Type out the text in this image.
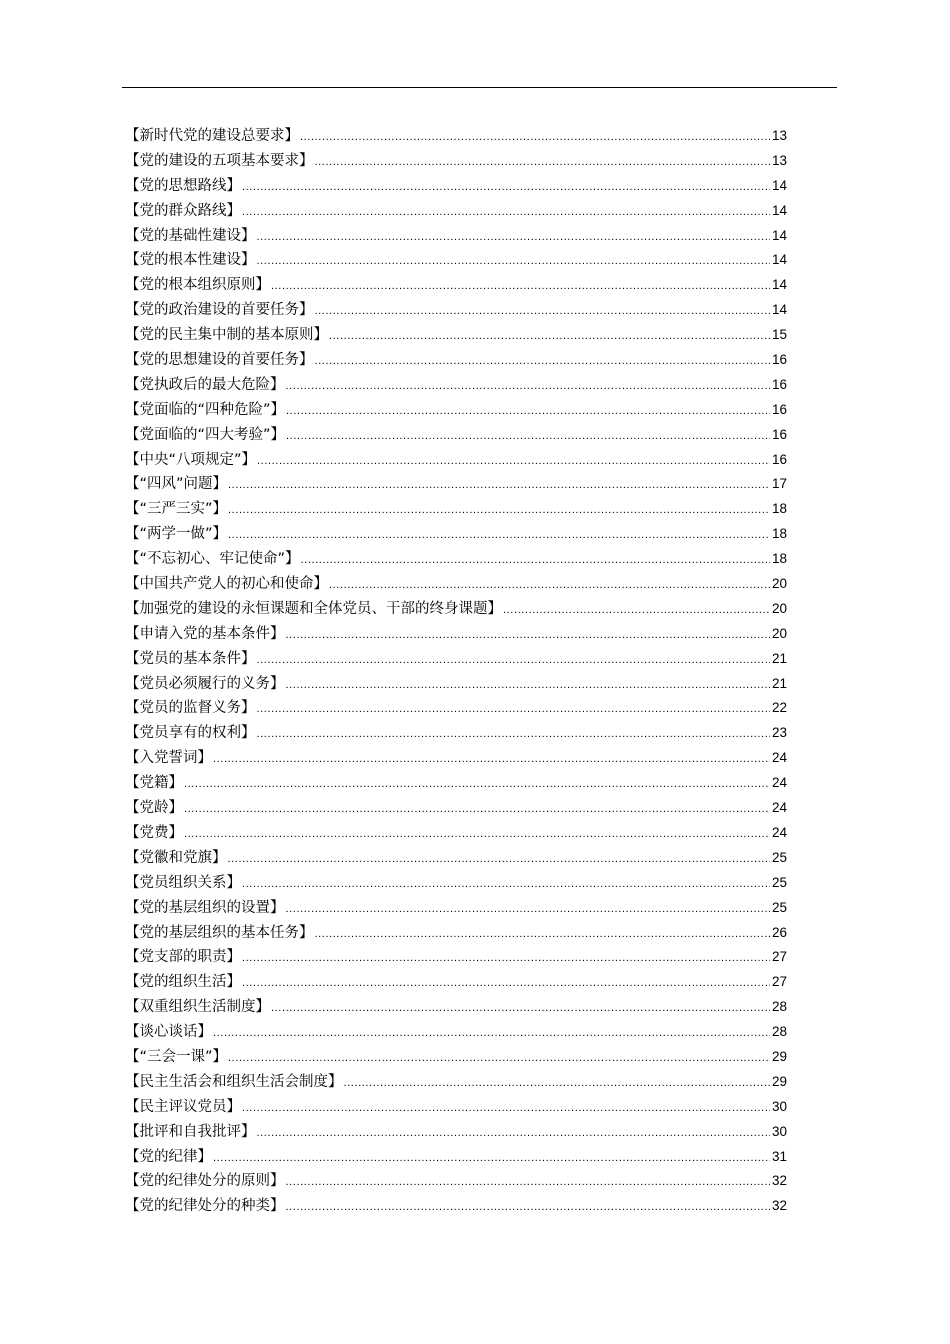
【新时代党的建设总要求】 .....	13
【党的建设的五项基本要求】 .....	13
【党的思想路线】 .....	14
【党的群众路线】 .....	14
【党的基础性建设】 .....	14
【党的根本性建设】 .....	14
【党的根本组织原则】 .....	14
【党的政治建设的首要任务】 .....	14
【党的民主集中制的基本原则】 .....	15
【党的思想建设的首要任务】 .....	16
【党执政后的最大危险】 .....	16
【党面临的“四种危险”】 .....	16
【党面临的“四大考验”】 .....	16
【中央“八项规定”】 .....	16
【“四风”问题】 .....	17
【“三严三实”】 .....	18
【“两学一做”】 .....	18
【“不忘初心、牢记使命”】 .....	18
【中国共产党人的初心和使命】 .....	20
【加强党的建设的永恒课题和全体党员、干部的终身课题】 .....	20
【申请入党的基本条件】 .....	20
【党员的基本条件】 .....	21
【党员必须履行的义务】 .....	21
【党员的监督义务】 .....	22
【党员享有的权利】 .....	23
【入党誓词】 .....	24
【党籍】 .....	24
【党龄】 .....	24
【党费】 .....	24
【党徽和党旗】 .....	25
【党员组织关系】 .....	25
【党的基层组织的设置】 .....	25
【党的基层组织的基本任务】 .....	26
【党支部的职责】 .....	27
【党的组织生活】 .....	27
【双重组织生活制度】 .....	28
【谈心谈话】 .....	28
【“三会一课”】 .....	29
【民主生活会和组织生活会制度】 .....	29
【民主评议党员】 .....	30
【批评和自我批评】 .....	30
【党的纪律】 .....	31
【党的纪律处分的原则】 .....	32
【党的纪律处分的种类】 .....	32
